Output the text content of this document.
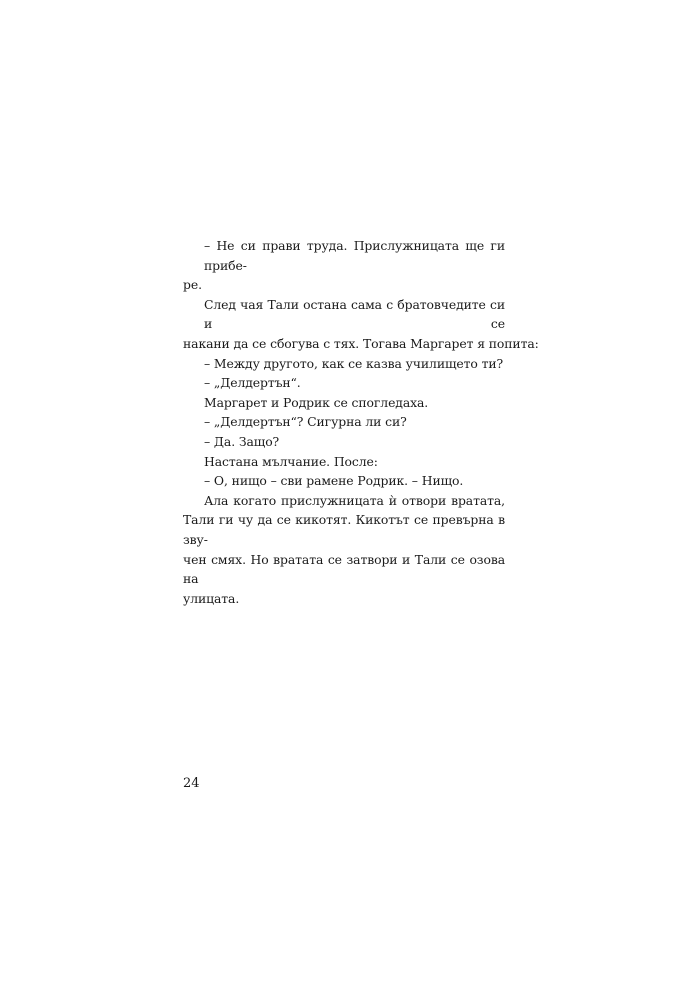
– Не си прави труда. Прислужницата ще ги прибе-
ре.
След чая Тали остана сама с братовчедите си и се
накани да се сбогува с тях. Тогава Маргарет я попита:
– Между другото, как се казва училището ти?
– „Делдертън“.
Маргарет и Родрик се спогледаха.
– „Делдертън“? Сигурна ли си?
– Да. Защо?
Настана мълчание. После:
– О, нищо – сви рамене Родрик. – Нищо.
Ала когато прислужницата ѝ отвори вратата,
Тали ги чу да се кикотят. Кикотът се превърна в зву-
чен смях. Но вратата се затвори и Тали се озова на
улицата.
24
